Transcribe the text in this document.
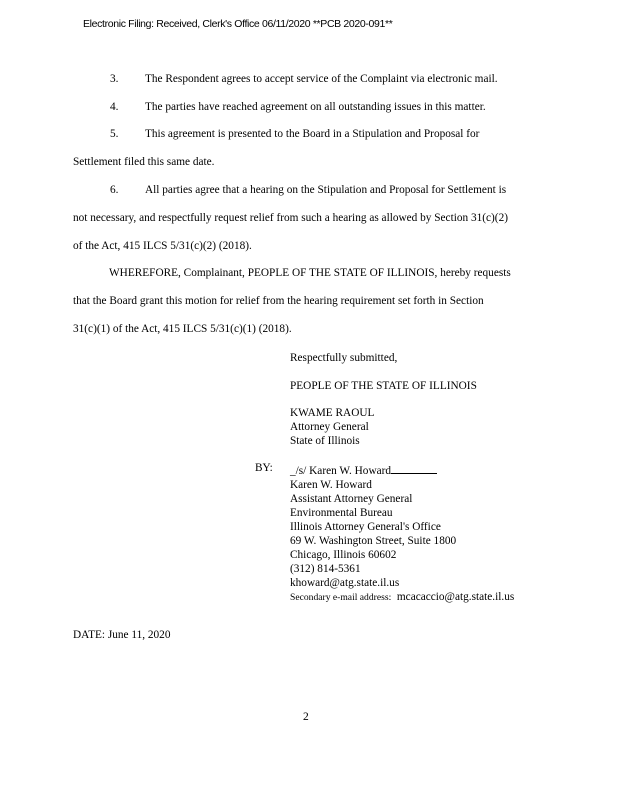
Electronic Filing: Received, Clerk's Office 06/11/2020 **PCB 2020-091**
3. The Respondent agrees to accept service of the Complaint via electronic mail.
4. The parties have reached agreement on all outstanding issues in this matter.
5. This agreement is presented to the Board in a Stipulation and Proposal for
Settlement filed this same date.
6. All parties agree that a hearing on the Stipulation and Proposal for Settlement is
not necessary, and respectfully request relief from such a hearing as allowed by Section 31(c)(2)
of the Act, 415 ILCS 5/31(c)(2) (2018).
WHEREFORE, Complainant, PEOPLE OF THE STATE OF ILLINOIS, hereby requests
that the Board grant this motion for relief from the hearing requirement set forth in Section
31(c)(1) of the Act, 415 ILCS 5/31(c)(1) (2018).
Respectfully submitted,
PEOPLE OF THE STATE OF ILLINOIS
KWAME RAOUL
Attorney General
State of Illinois
BY: _/s/ Karen W. Howard
Karen W. Howard
Assistant Attorney General
Environmental Bureau
Illinois Attorney General's Office
69 W. Washington Street, Suite 1800
Chicago, Illinois 60602
(312) 814-5361
khoward@atg.state.il.us
Secondary e-mail address: mcacaccio@atg.state.il.us
DATE: June 11, 2020
2
